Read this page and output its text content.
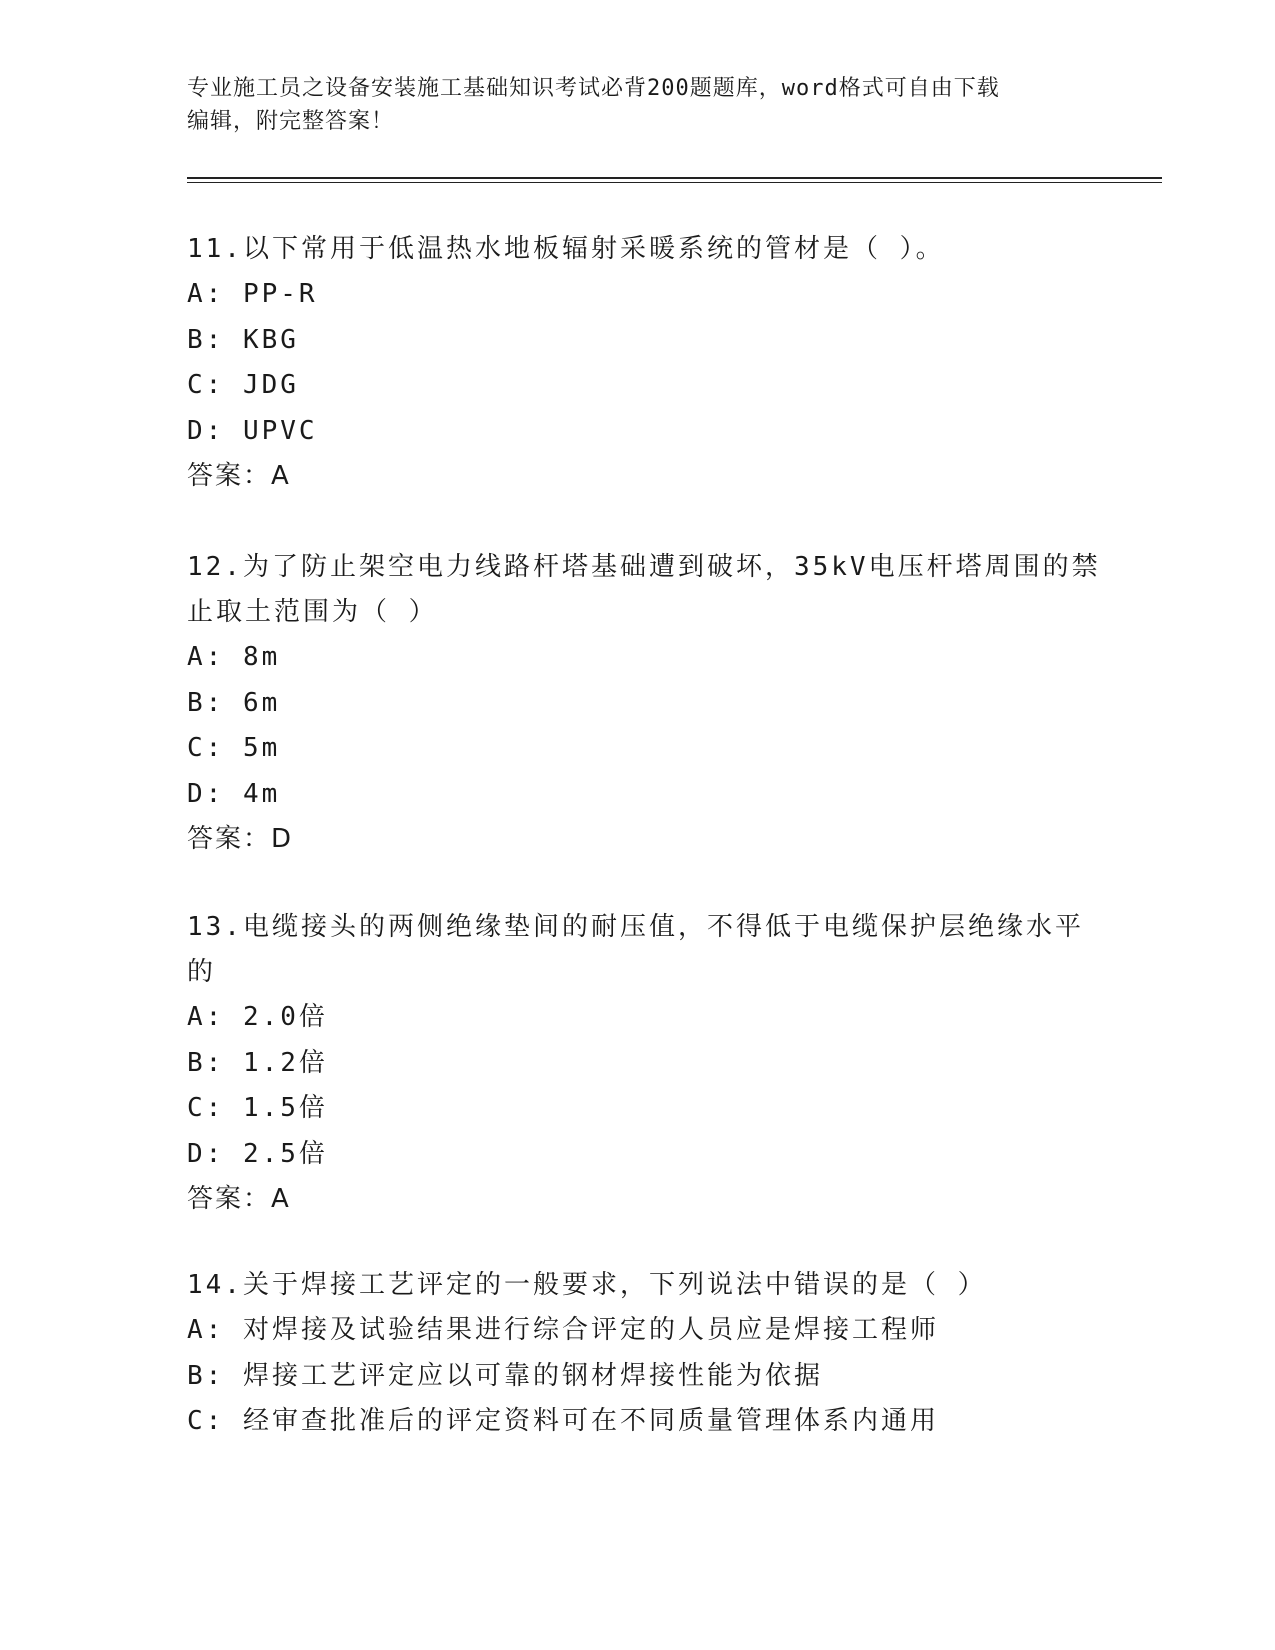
专业施工员之设备安装施工基础知识考试必背200题题库，word格式可自由下载
编辑，附完整答案！
11.以下常用于低温热水地板辐射采暖系统的管材是（ ）。
A: PP-R
B: KBG
C: JDG
D: UPVC
答案：A
12.为了防止架空电力线路杆塔基础遭到破坏，35kV电压杆塔周围的禁
止取土范围为（ ）
A: 8m
B: 6m
C: 5m
D: 4m
答案：D
13.电缆接头的两侧绝缘垫间的耐压值，不得低于电缆保护层绝缘水平
的
A: 2.0倍
B: 1.2倍
C: 1.5倍
D: 2.5倍
答案：A
14.关于焊接工艺评定的一般要求，下列说法中错误的是（ ）
A: 对焊接及试验结果进行综合评定的人员应是焊接工程师
B: 焊接工艺评定应以可靠的钢材焊接性能为依据
C: 经审查批准后的评定资料可在不同质量管理体系内通用
